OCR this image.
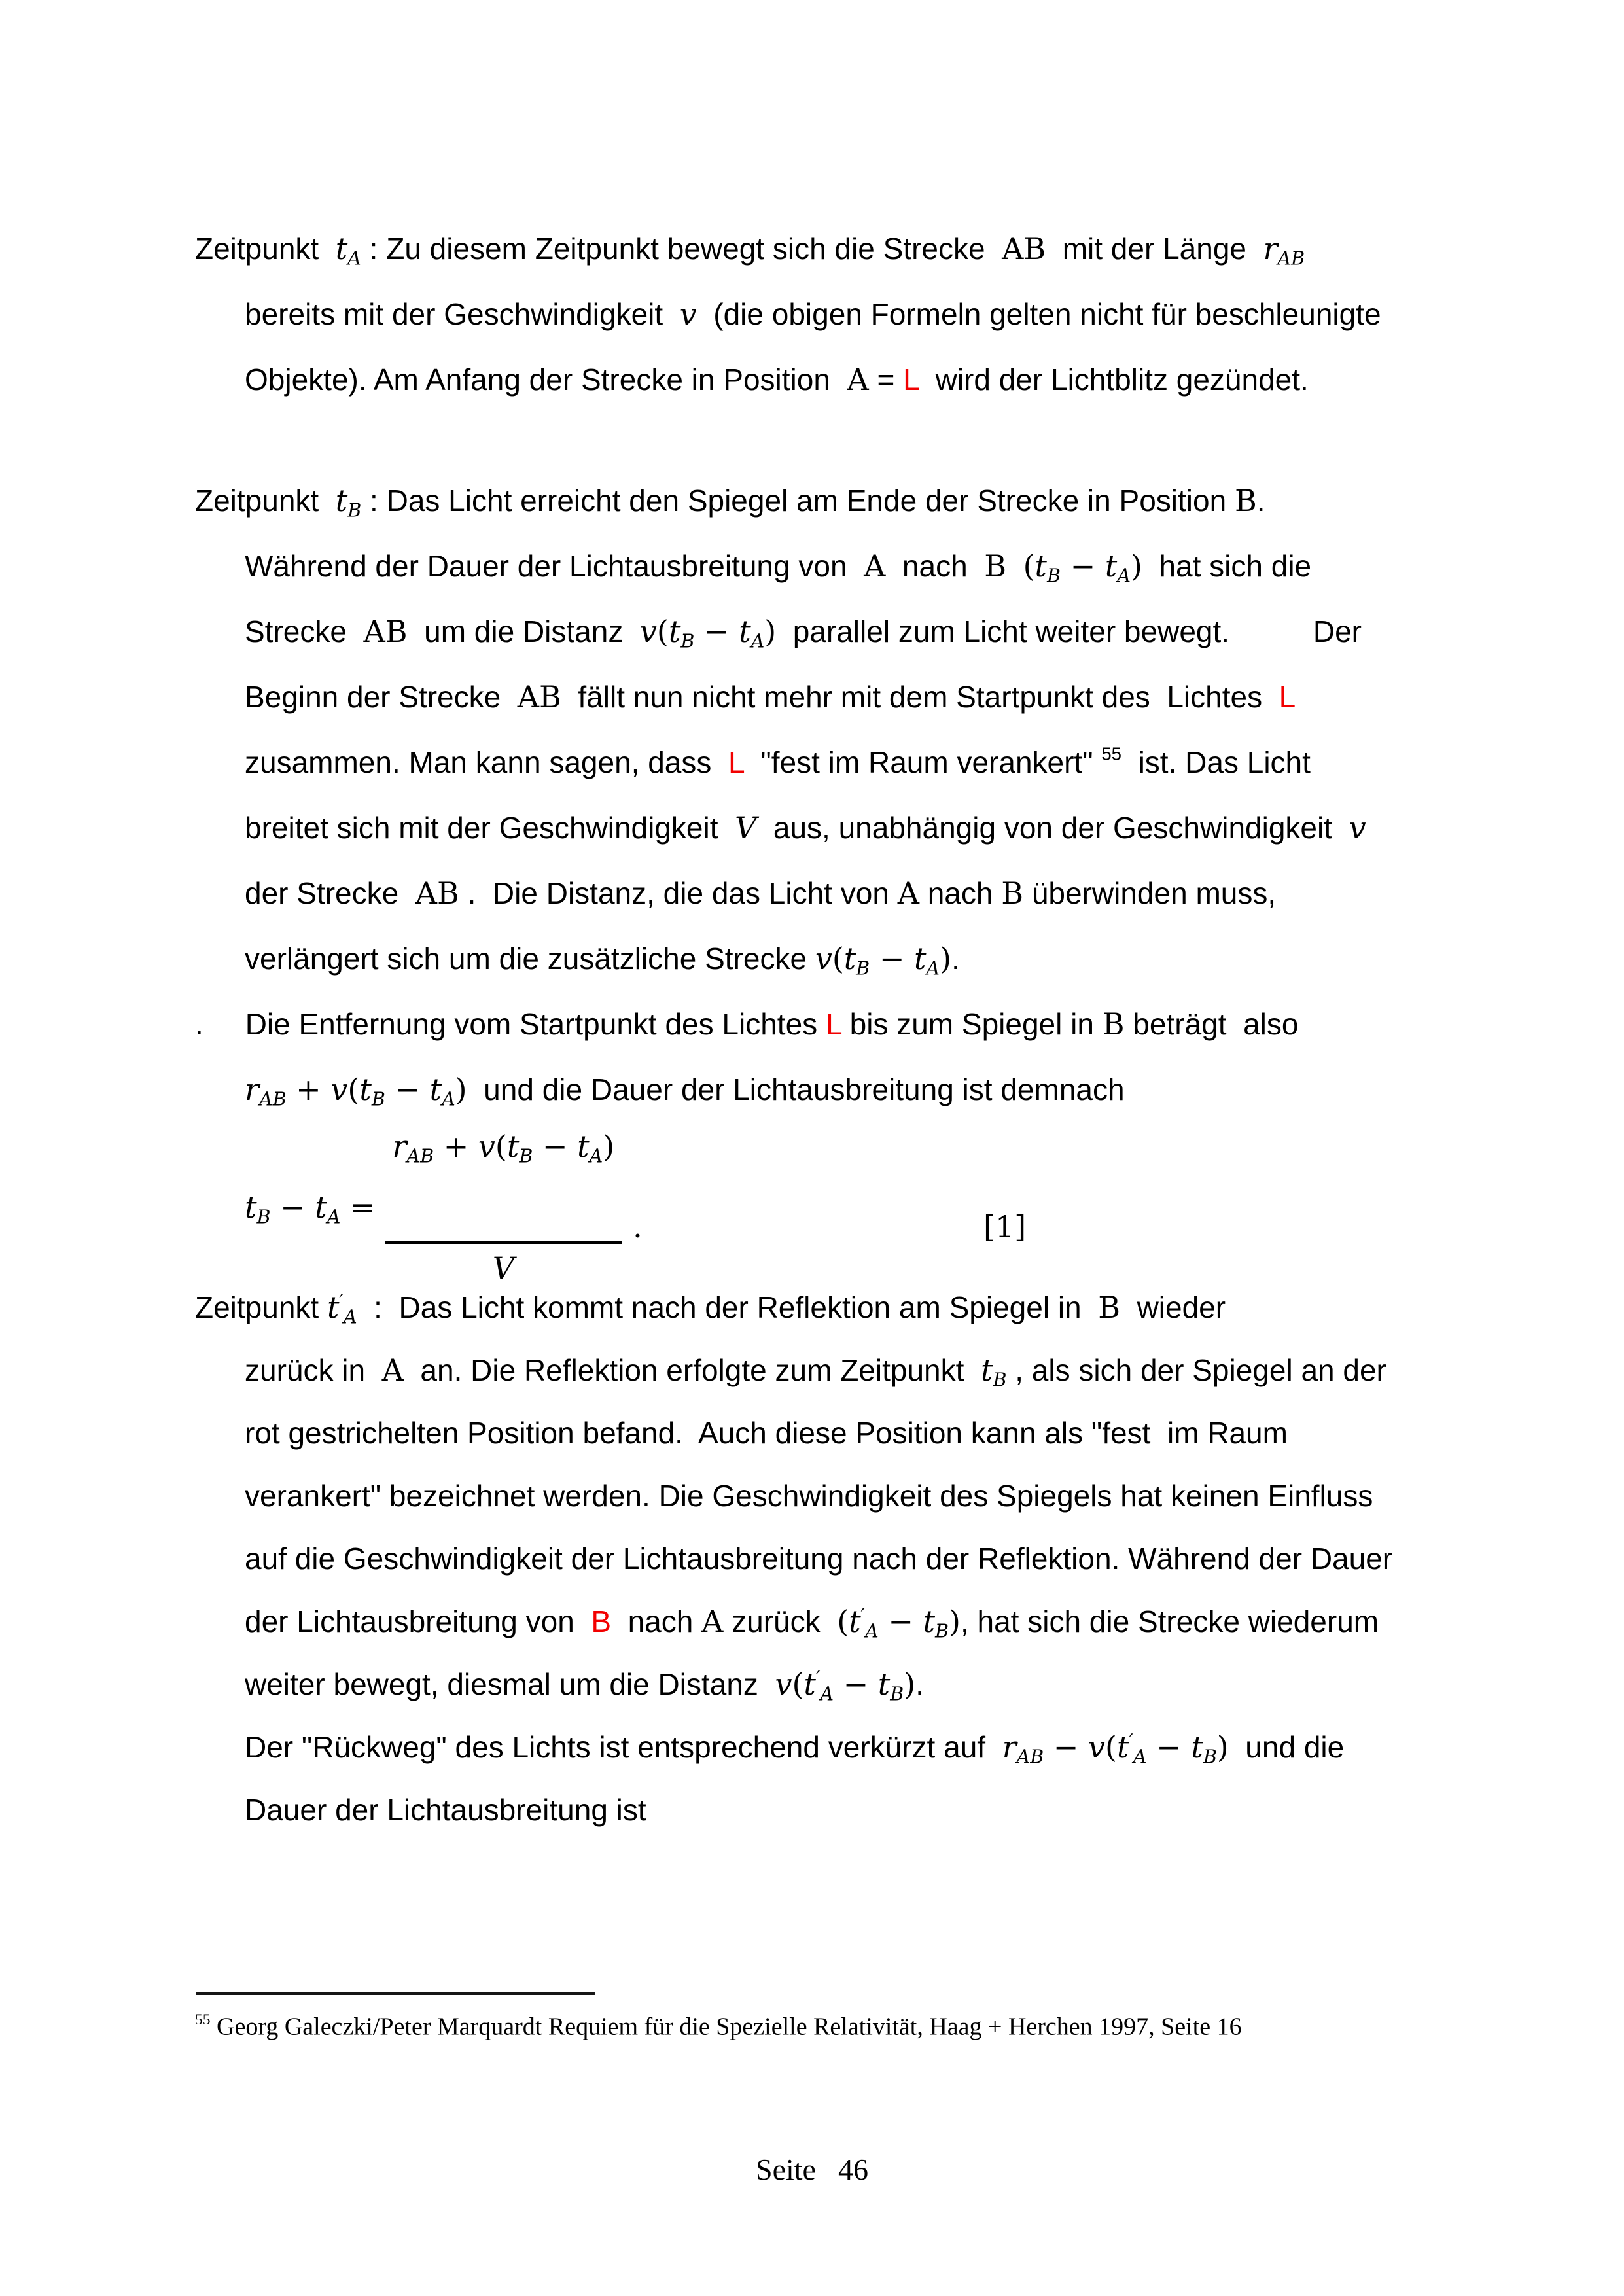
Zeitpunkt  tA : Zu diesem Zeitpunkt bewegt sich die Strecke  AB  mit der Länge  rAB
bereits mit der Geschwindigkeit  v  (die obigen Formeln gelten nicht für beschleunigte
Objekte). Am Anfang der Strecke in Position  A = L  wird der Lichtblitz gezündet.
Zeitpunkt  tB : Das Licht erreicht den Spiegel am Ende der Strecke in Position B.
Während der Dauer der Lichtausbreitung von  A  nach  B (tB − tA)  hat sich die
Strecke  AB  um die Distanz  v(tB − tA)  parallel zum Licht weiter bewegt.          Der
Beginn der Strecke  AB  fällt nun nicht mehr mit dem Startpunkt des  Lichtes  L
zusammen. Man kann sagen, dass  L  "fest im Raum verankert" $^{55}$  ist. Das Licht
breitet sich mit der Geschwindigkeit  V  aus, unabhängig von der Geschwindigkeit  v
der Strecke  AB .  Die Distanz, die das Licht von A nach B überwinden muss,
verlängert sich um die zusätzliche Strecke v(tB − tA).
.     Die Entfernung vom Startpunkt des Lichtes L bis zum Spiegel in B beträgt  also
rAB + v(tB − tA)  und die Dauer der Lichtausbreitung ist demnach
tB − tA =

$\frac{\text{rAB + v(tB − tA)}}{V}$

.	[1]
Zeitpunkt t′A  :  Das Licht kommt nach der Reflektion am Spiegel in  B  wieder
zurück in  A  an. Die Reflektion erfolgte zum Zeitpunkt  tB , als sich der Spiegel an der
rot gestrichelten Position befand.  Auch diese Position kann als "fest  im Raum
verankert" bezeichnet werden. Die Geschwindigkeit des Spiegels hat keinen Einfluss
auf die Geschwindigkeit der Lichtausbreitung nach der Reflektion. Während der Dauer
der Lichtausbreitung von  B  nach A zurück  (t′A − tB), hat sich die Strecke wiederum
weiter bewegt, diesmal um die Distanz  v(t′A − tB).
Der "Rückweg" des Lichts ist entsprechend verkürzt auf  rAB − v(t′A − tB)  und die
Dauer der Lichtausbreitung ist
$^{55}$ Georg Galeczki/Peter Marquardt Requiem für die Spezielle Relativität, Haag + Herchen 1997, Seite 16
Seite 46
